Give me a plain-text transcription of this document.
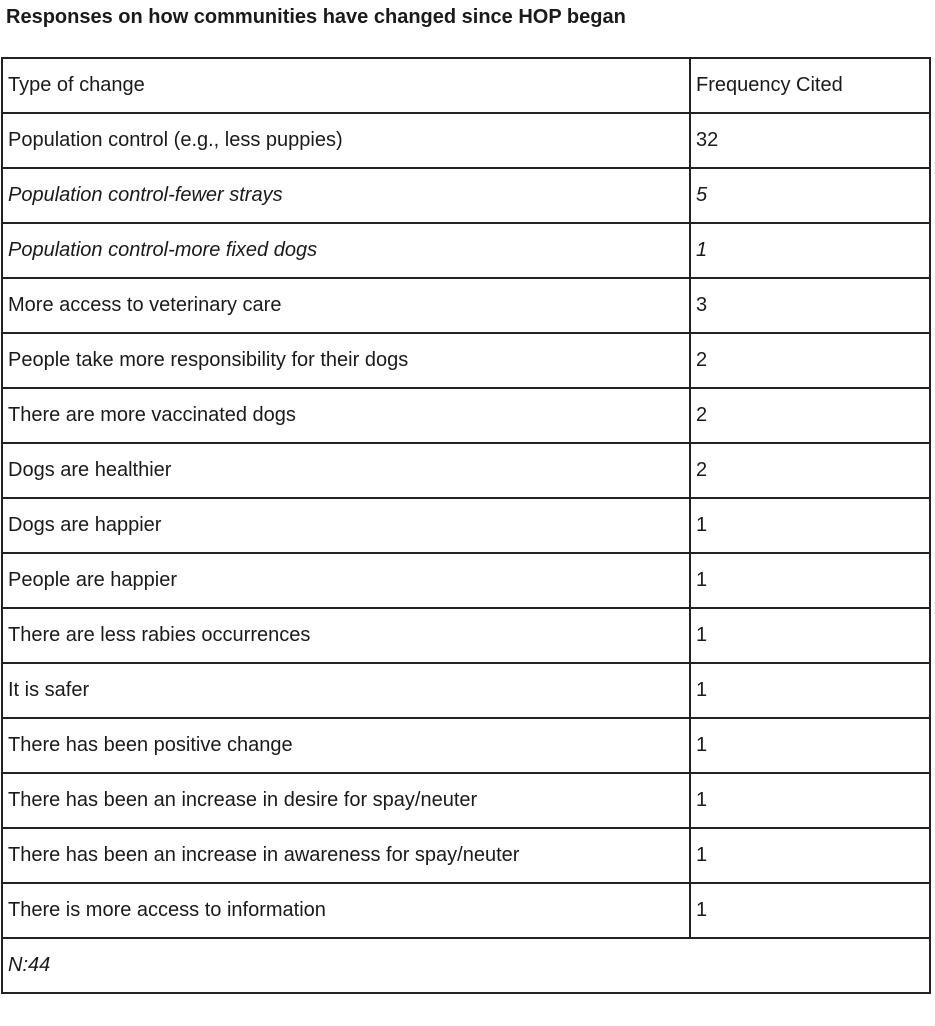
Responses on how communities have changed since HOP began
Type of change	Frequency Cited
Population control (e.g., less puppies)	32
Population control-fewer strays	5
Population control-more fixed dogs	1
More access to veterinary care	3
People take more responsibility for their dogs	2
There are more vaccinated dogs	2
Dogs are healthier	2
Dogs are happier	1
People are happier	1
There are less rabies occurrences	1
It is safer	1
There has been positive change	1
There has been an increase in desire for spay/neuter	1
There has been an increase in awareness for spay/neuter	1
There is more access to information	1
N:44	
